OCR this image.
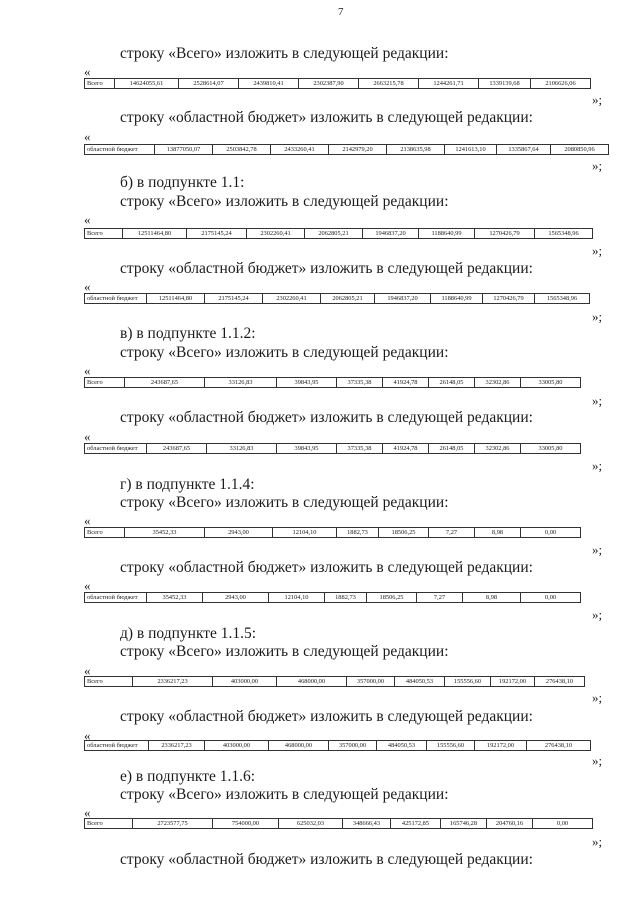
7
строку «Всего» изложить в следующей редакции:
«
Всего	14624055,61	2528614,07	2439810,41	2302387,90	2663215,78	1244261,71	1339139,68	2106626,06
»;
строку «областной бюджет» изложить в следующей редакции:
«
областной бюджет	13877050,07	2503842,78	2433260,41	2142979,20	2138635,98	1241613,10	1335867,64	2080850,96
»;
б) в подпункте 1.1:
строку «Всего» изложить в следующей редакции:
«
Всего	12511464,80	2175145,24	2302260,41	2062805,21	1946837,20	1188640,99	1270426,79	1565348,96
»;
строку «областной бюджет» изложить в следующей редакции:
«
областной бюджет	12511464,80	2175145,24	2302260,41	2062805,21	1946837,20	1188640,99	1270426,79	1565348,96
»;
в) в подпункте 1.1.2:
строку «Всего» изложить в следующей редакции:
«
Всего	243687,65	33126,83	39843,95	37335,38	41924,78	26148,05	32302,86	33005,80
»;
строку «областной бюджет» изложить в следующей редакции:
«
областной бюджет	243687,65	33126,83	39843,95	37335,38	41924,78	26148,05	32302,86	33005,80
»;
г) в подпункте 1.1.4:
строку «Всего» изложить в следующей редакции:
«
Всего	35452,33	2943,00	12104,10	1882,73	18506,25	7,27	8,98	0,00
»;
строку «областной бюджет» изложить в следующей редакции:
«
областной бюджет	35452,33	2943,00	12104,10	1882,73	18506,25	7,27	8,98	0,00
»;
д) в подпункте 1.1.5:
строку «Всего» изложить в следующей редакции:
«
Всего	2336217,23	403000,00	468000,00	357000,00	484050,53	155556,60	192172,00	276438,10
»;
строку «областной бюджет» изложить в следующей редакции:
«
областной бюджет	2336217,23	403000,00	468000,00	357000,00	484050,53	155556,60	192172,00	276438,10
»;
е) в подпункте 1.1.6:
строку «Всего» изложить в следующей редакции:
«
Всего	2723577,75	754000,00	625032,03	348666,43	425172,85	165746,28	204760,16	0,00
»;
строку «областной бюджет» изложить в следующей редакции:
